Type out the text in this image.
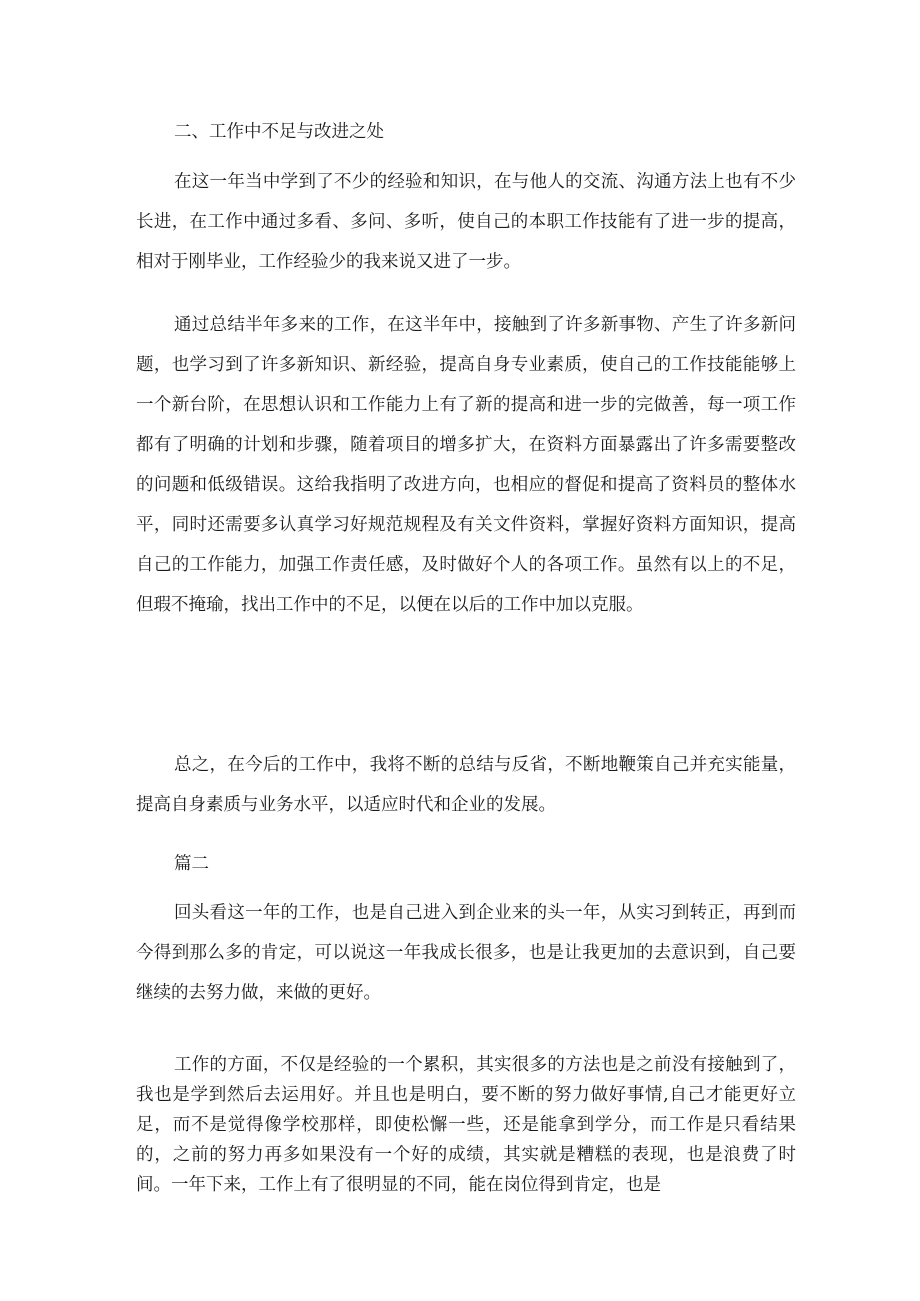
二、工作中不足与改进之处

在这一年当中学到了不少的经验和知识，在与他人的交流、沟通方法上也有不少长进，在工作中通过多看、多问、多听，使自己的本职工作技能有了进一步的提高，相对于刚毕业，工作经验少的我来说又进了一步。

通过总结半年多来的工作，在这半年中，接触到了许多新事物、产生了许多新问题，也学习到了许多新知识、新经验，提高自身专业素质，使自己的工作技能能够上一个新台阶，在思想认识和工作能力上有了新的提高和进一步的完做善，每一项工作都有了明确的计划和步骤，随着项目的增多扩大，在资料方面暴露出了许多需要整改的问题和低级错误。这给我指明了改进方向，也相应的督促和提高了资料员的整体水平，同时还需要多认真学习好规范规程及有关文件资料，掌握好资料方面知识，提高自己的工作能力，加强工作责任感，及时做好个人的各项工作。虽然有以上的不足，但瑕不掩瑜，找出工作中的不足，以便在以后的工作中加以克服。

总之，在今后的工作中，我将不断的总结与反省，不断地鞭策自己并充实能量，提高自身素质与业务水平，以适应时代和企业的发展。

篇二

回头看这一年的工作，也是自己进入到企业来的头一年，从实习到转正，再到而今得到那么多的肯定，可以说这一年我成长很多，也是让我更加的去意识到，自己要继续的去努力做，来做的更好。

工作的方面，不仅是经验的一个累积，其实很多的方法也是之前没有接触到了，我也是学到然后去运用好。并且也是明白，要不断的努力做好事情,自己才能更好立足，而不是觉得像学校那样，即使松懈一些，还是能拿到学分，而工作是只看结果的，之前的努力再多如果没有一个好的成绩，其实就是糟糕的表现，也是浪费了时间。一年下来，工作上有了很明显的不同，能在岗位得到肯定，也是
